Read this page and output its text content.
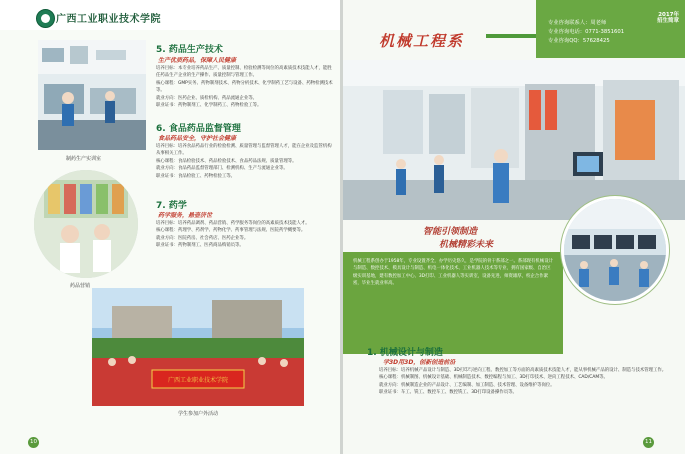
广西工业职业技术学院
制药生产实训室
药品营销
5. 药品生产技术
生产优质药品，保障人民健康
培养目标：本专业培养药品生产、质量控制、检验检测等岗位的高素质技术技能人才，能胜任药品生产企业的生产操作、质量控制与管理工作。
核心课程：GMP实务、药物制剂技术、药物分析技术、化学制药工艺与设备、药物检测技术等。
就业方向：医药企业、质检机构、药品流通企业等。
职业证书：药物制剂工、化学制药工、药物检验工等。
6. 食品药品监督管理
食品药品安全，守护社会健康
培养目标：培养食品药品行业的检验检测、质量管理与监督管理人才，能在企业及监管机构从事相关工作。
核心课程：食品检验技术、药品检验技术、食品药品法规、质量管理等。
就业方向：食品药品监督管理部门、检测机构、生产与流通企业等。
职业证书：食品检验工、药物检验工等。
7. 药学
药学服务，悬壶济世
培养目标：培养药品调剂、药品营销、药学服务等岗位的高素质技术技能人才。
核心课程：药理学、药剂学、药物化学、药事管理与法规、医院药学概要等。
就业方向：医院药房、社会药店、医药企业等。
职业证书：药物制剂工、医药商品购销员等。
广西工业职业技术学院
学生参加户外活动
10
机械工程系
专业咨询联系人：周老师
专业咨询电话：0771-3851601
专业咨询QQ：57628425
2017年
招生简章
智能引领制造
机械精彩未来
机械工程系创办于1958年，专业设置齐全，办学历史悠久，是学院的骨干系部之一。系部现有机械设计与制造、数控技术、模具设计与制造、机电一体化技术、工业机器人技术等专业，拥有国家级、自治区级实训基地，建有数控加工中心、3D打印、工业机器人等实训室，设备先进，师资雄厚，校企合作紧密，毕业生就业率高。
1. 机械设计与制造
学3D用3D，创新创造前沿
培养目标：培养机械产品设计与制造、3D打印与逆向工程、数控加工等方面的高素质技术技能人才，能从事机械产品的设计、制造与技术管理工作。
核心课程：机械制图、机械设计基础、机械制造技术、数控编程与加工、3D打印技术、逆向工程技术、CAD/CAM等。
就业方向：机械制造企业的产品设计、工艺编制、加工制造、技术管理、设备维护等岗位。
职业证书：车工、铣工、数控车工、数控铣工、3D打印设备操作员等。
11
